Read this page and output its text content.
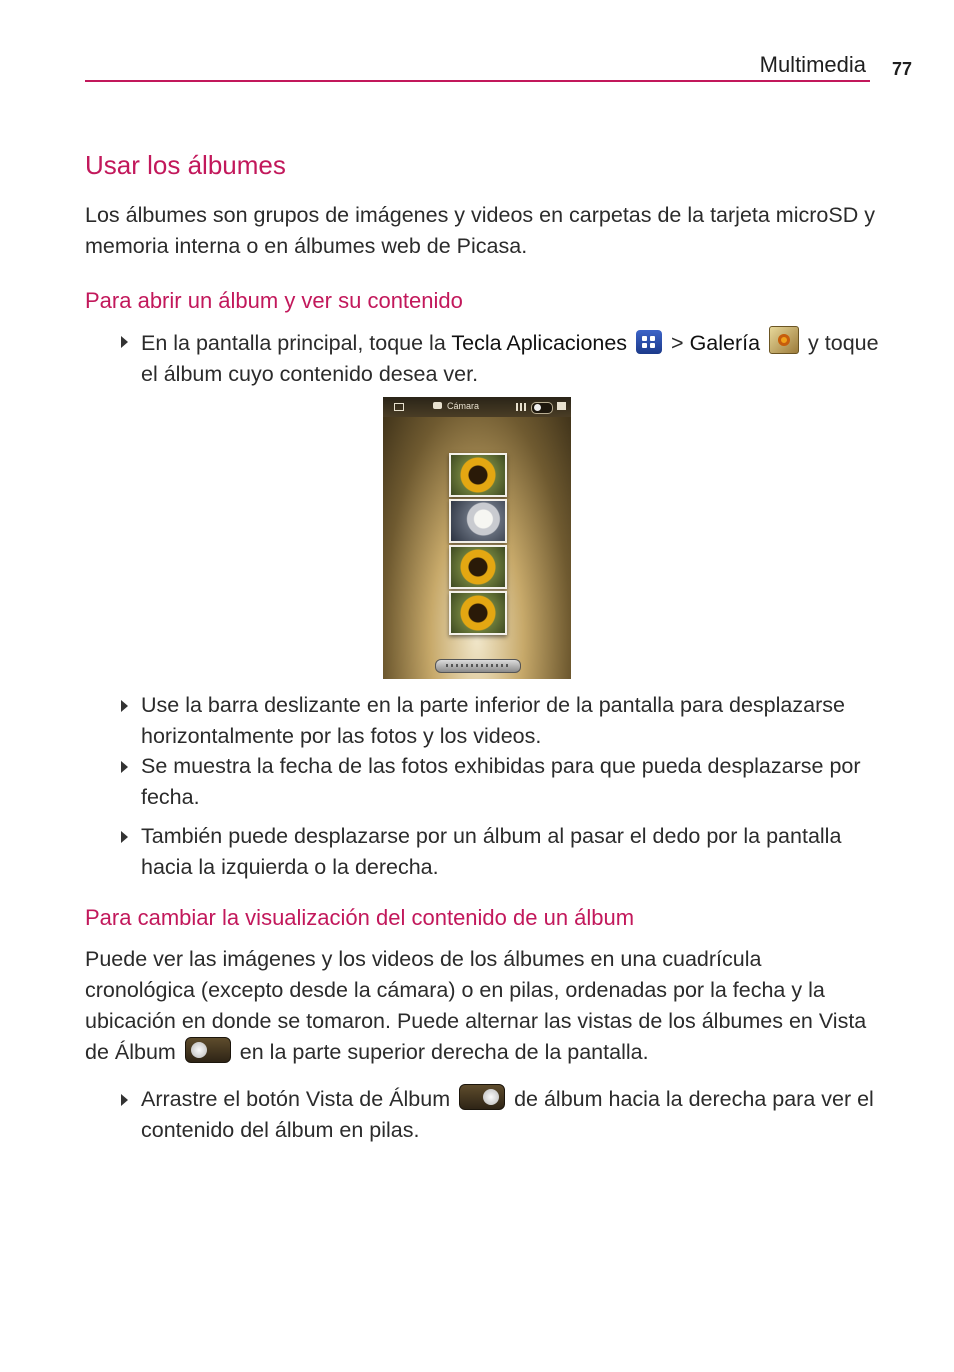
Multimedia 77
Usar los álbumes

Los álbumes son grupos de imágenes y videos en carpetas de la tarjeta microSD y memoria interna o en álbumes web de Picasa.

Para abrir un álbum y ver su contenido

En la pantalla principal, toque la Tecla Aplicaciones
> Galería  y toque el álbum cuyo contenido desea ver.

Cámara

Use la barra deslizante en la parte inferior de la pantalla para desplazarse horizontalmente por las fotos y los videos.

Se muestra la fecha de las fotos exhibidas para que pueda desplazarse por fecha.

También puede desplazarse por un álbum al pasar el dedo por la pantalla hacia la izquierda o la derecha.

Para cambiar la visualización del contenido de un álbum

Puede ver las imágenes y los videos de los álbumes en una cuadrícula cronológica (excepto desde la cámara) o en pilas, ordenadas por la fecha y la ubicación en donde se tomaron. Puede alternar las vistas de los álbumes en Vista de Álbum  en la parte superior derecha de la pantalla.

Arrastre el botón Vista de Álbum  de álbum hacia la derecha para ver el contenido del álbum en pilas.
